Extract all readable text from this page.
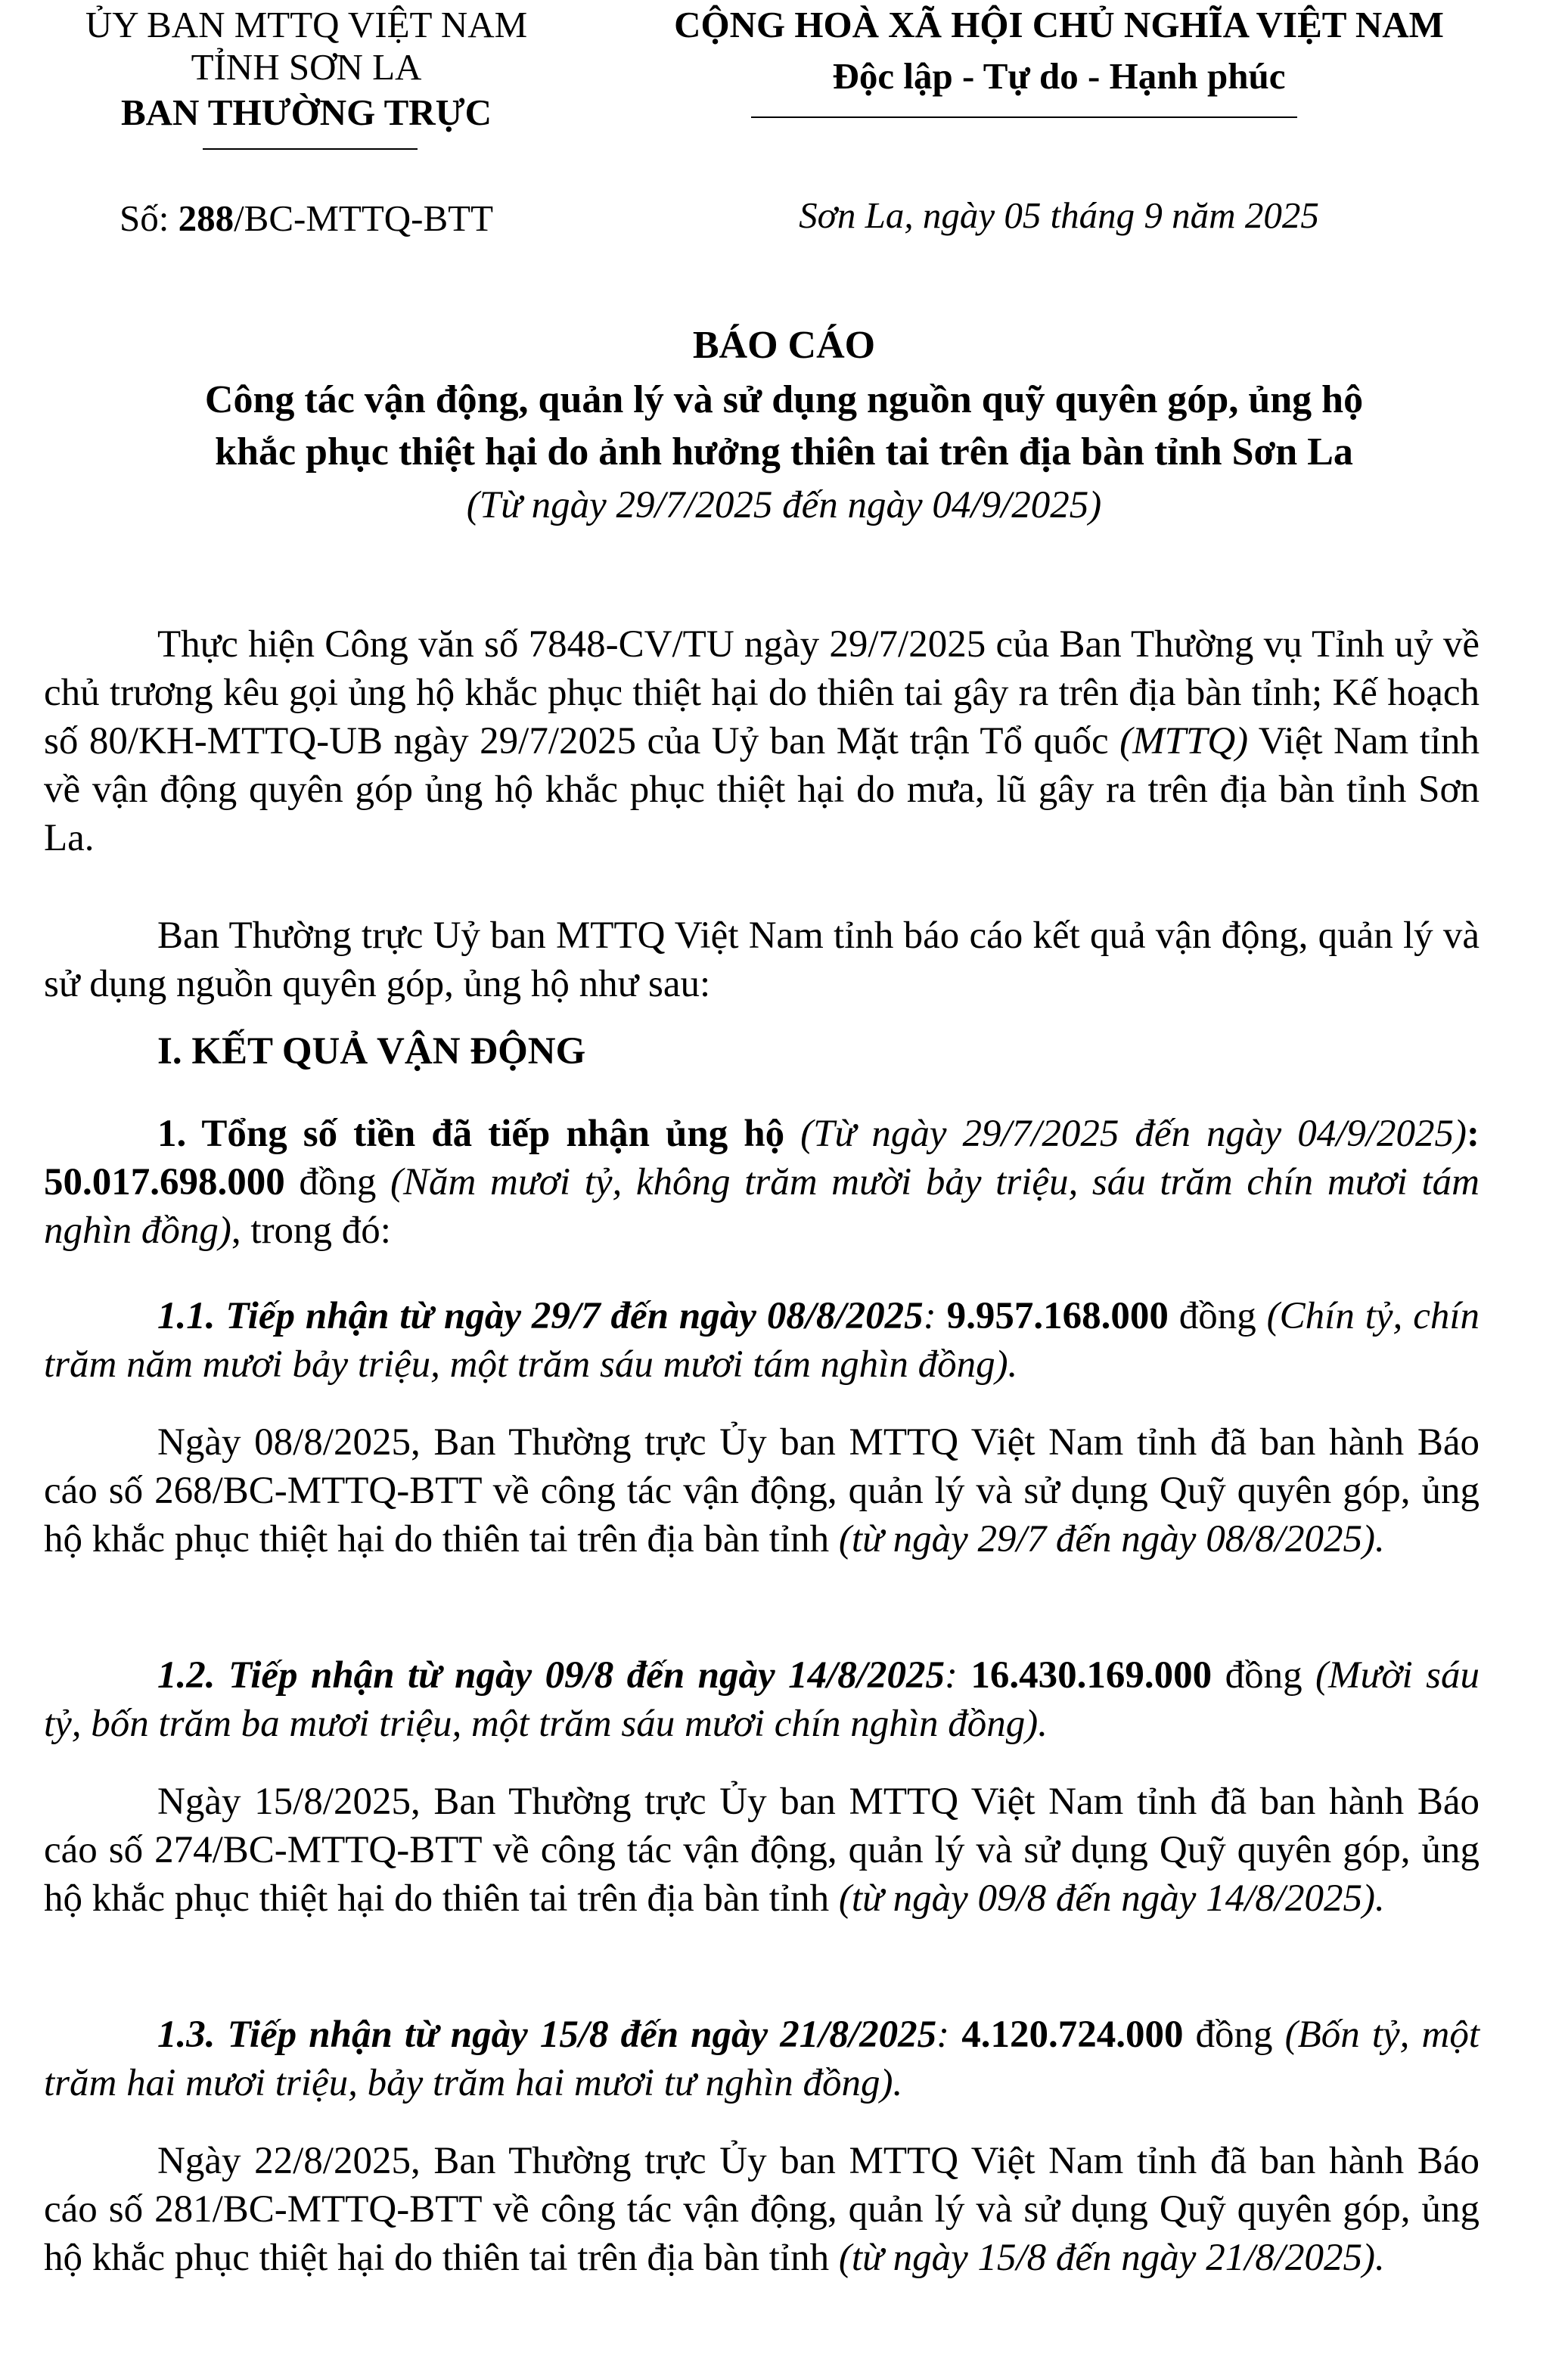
ỦY BAN MTTQ VIỆT NAM
TỈNH SƠN LA
BAN THƯỜNG TRỰC
Số: 288/BC-MTTQ-BTT
CỘNG HOÀ XÃ HỘI CHỦ NGHĨA VIỆT NAM
Độc lập - Tự do - Hạnh phúc
Sơn La, ngày 05 tháng 9 năm 2025
BÁO CÁO
Công tác vận động, quản lý và sử dụng nguồn quỹ quyên góp, ủng hộ
khắc phục thiệt hại do ảnh hưởng thiên tai trên địa bàn tỉnh Sơn La
(Từ ngày 29/7/2025 đến ngày 04/9/2025)

Thực hiện Công văn số 7848-CV/TU ngày 29/7/2025 của Ban Thường vụ Tỉnh uỷ về chủ trương kêu gọi ủng hộ khắc phục thiệt hại do thiên tai gây ra trên địa bàn tỉnh; Kế hoạch số 80/KH-MTTQ-UB ngày 29/7/2025 của Uỷ ban Mặt trận Tổ quốc (MTTQ) Việt Nam tỉnh về vận động quyên góp ủng hộ khắc phục thiệt hại do mưa, lũ gây ra trên địa bàn tỉnh Sơn La.

Ban Thường trực Uỷ ban MTTQ Việt Nam tỉnh báo cáo kết quả vận động, quản lý và sử dụng nguồn quyên góp, ủng hộ như sau:

I. KẾT QUẢ VẬN ĐỘNG

1. Tổng số tiền đã tiếp nhận ủng hộ (Từ ngày 29/7/2025 đến ngày 04/9/2025): 50.017.698.000 đồng (Năm mươi tỷ, không trăm mười bảy triệu, sáu trăm chín mươi tám nghìn đồng), trong đó:

1.1. Tiếp nhận từ ngày 29/7 đến ngày 08/8/2025: 9.957.168.000 đồng (Chín tỷ, chín trăm năm mươi bảy triệu, một trăm sáu mươi tám nghìn đồng).

Ngày 08/8/2025, Ban Thường trực Ủy ban MTTQ Việt Nam tỉnh đã ban hành Báo cáo số 268/BC-MTTQ-BTT về công tác vận động, quản lý và sử dụng Quỹ quyên góp, ủng hộ khắc phục thiệt hại do thiên tai trên địa bàn tỉnh (từ ngày 29/7 đến ngày 08/8/2025).

1.2. Tiếp nhận từ ngày 09/8 đến ngày 14/8/2025: 16.430.169.000 đồng (Mười sáu tỷ, bốn trăm ba mươi triệu, một trăm sáu mươi chín nghìn đồng).

Ngày 15/8/2025, Ban Thường trực Ủy ban MTTQ Việt Nam tỉnh đã ban hành Báo cáo số 274/BC-MTTQ-BTT về công tác vận động, quản lý và sử dụng Quỹ quyên góp, ủng hộ khắc phục thiệt hại do thiên tai trên địa bàn tỉnh (từ ngày 09/8 đến ngày 14/8/2025).

1.3. Tiếp nhận từ ngày 15/8 đến ngày 21/8/2025: 4.120.724.000 đồng (Bốn tỷ, một trăm hai mươi triệu, bảy trăm hai mươi tư nghìn đồng).

Ngày 22/8/2025, Ban Thường trực Ủy ban MTTQ Việt Nam tỉnh đã ban hành Báo cáo số 281/BC-MTTQ-BTT về công tác vận động, quản lý và sử dụng Quỹ quyên góp, ủng hộ khắc phục thiệt hại do thiên tai trên địa bàn tỉnh (từ ngày 15/8 đến ngày 21/8/2025).
